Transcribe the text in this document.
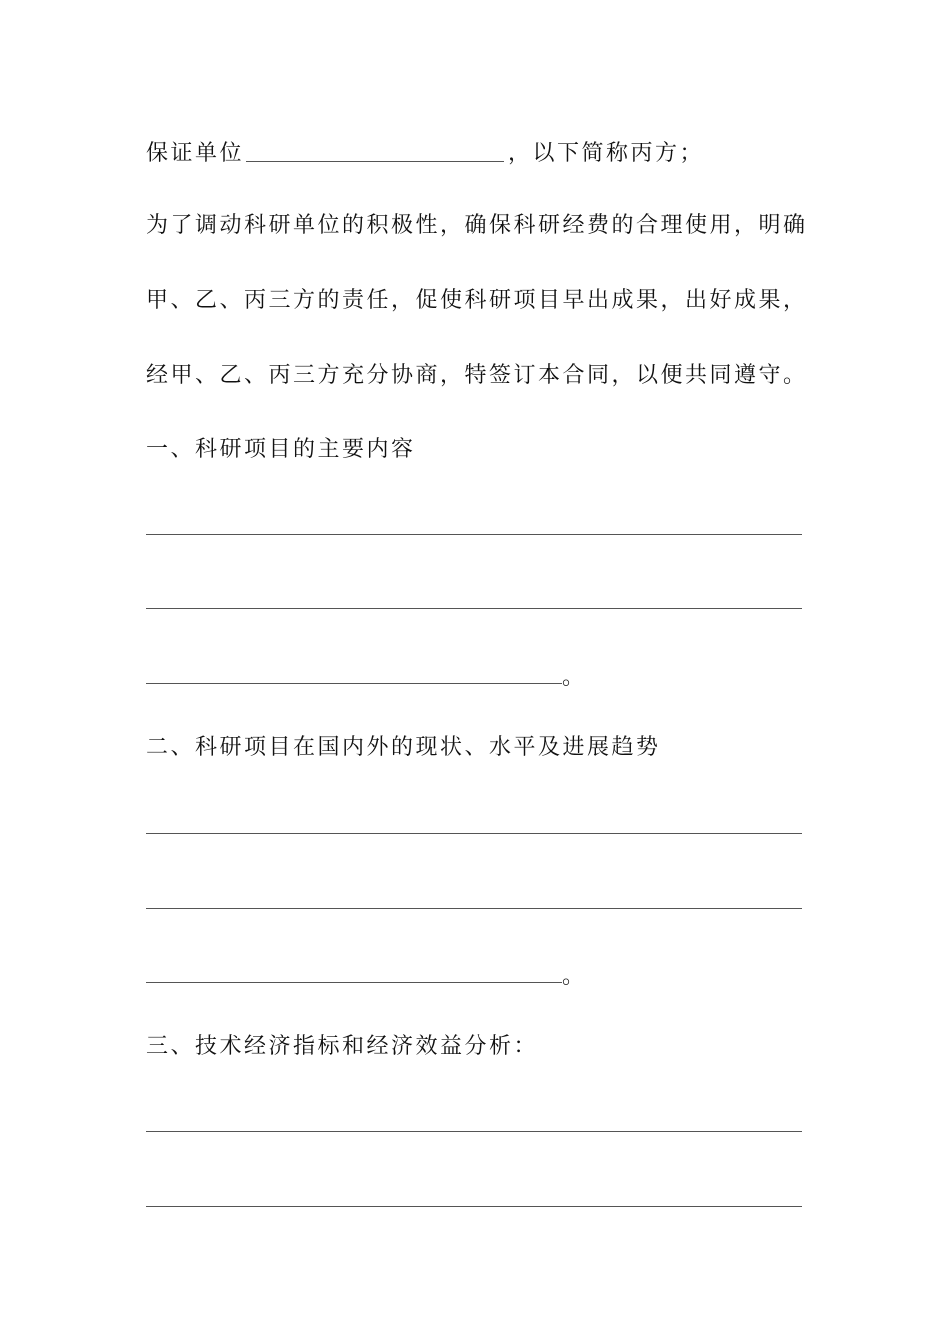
保证单位	，以下简称丙方；
为了调动科研单位的积极性，确保科研经费的合理使用，明确
甲、乙、丙三方的责任，促使科研项目早出成果，出好成果，
经甲、乙、丙三方充分协商，特签订本合同，以便共同遵守。
一、科研项目的主要内容
。
二、科研项目在国内外的现状、水平及进展趋势
。
三、技术经济指标和经济效益分析：
